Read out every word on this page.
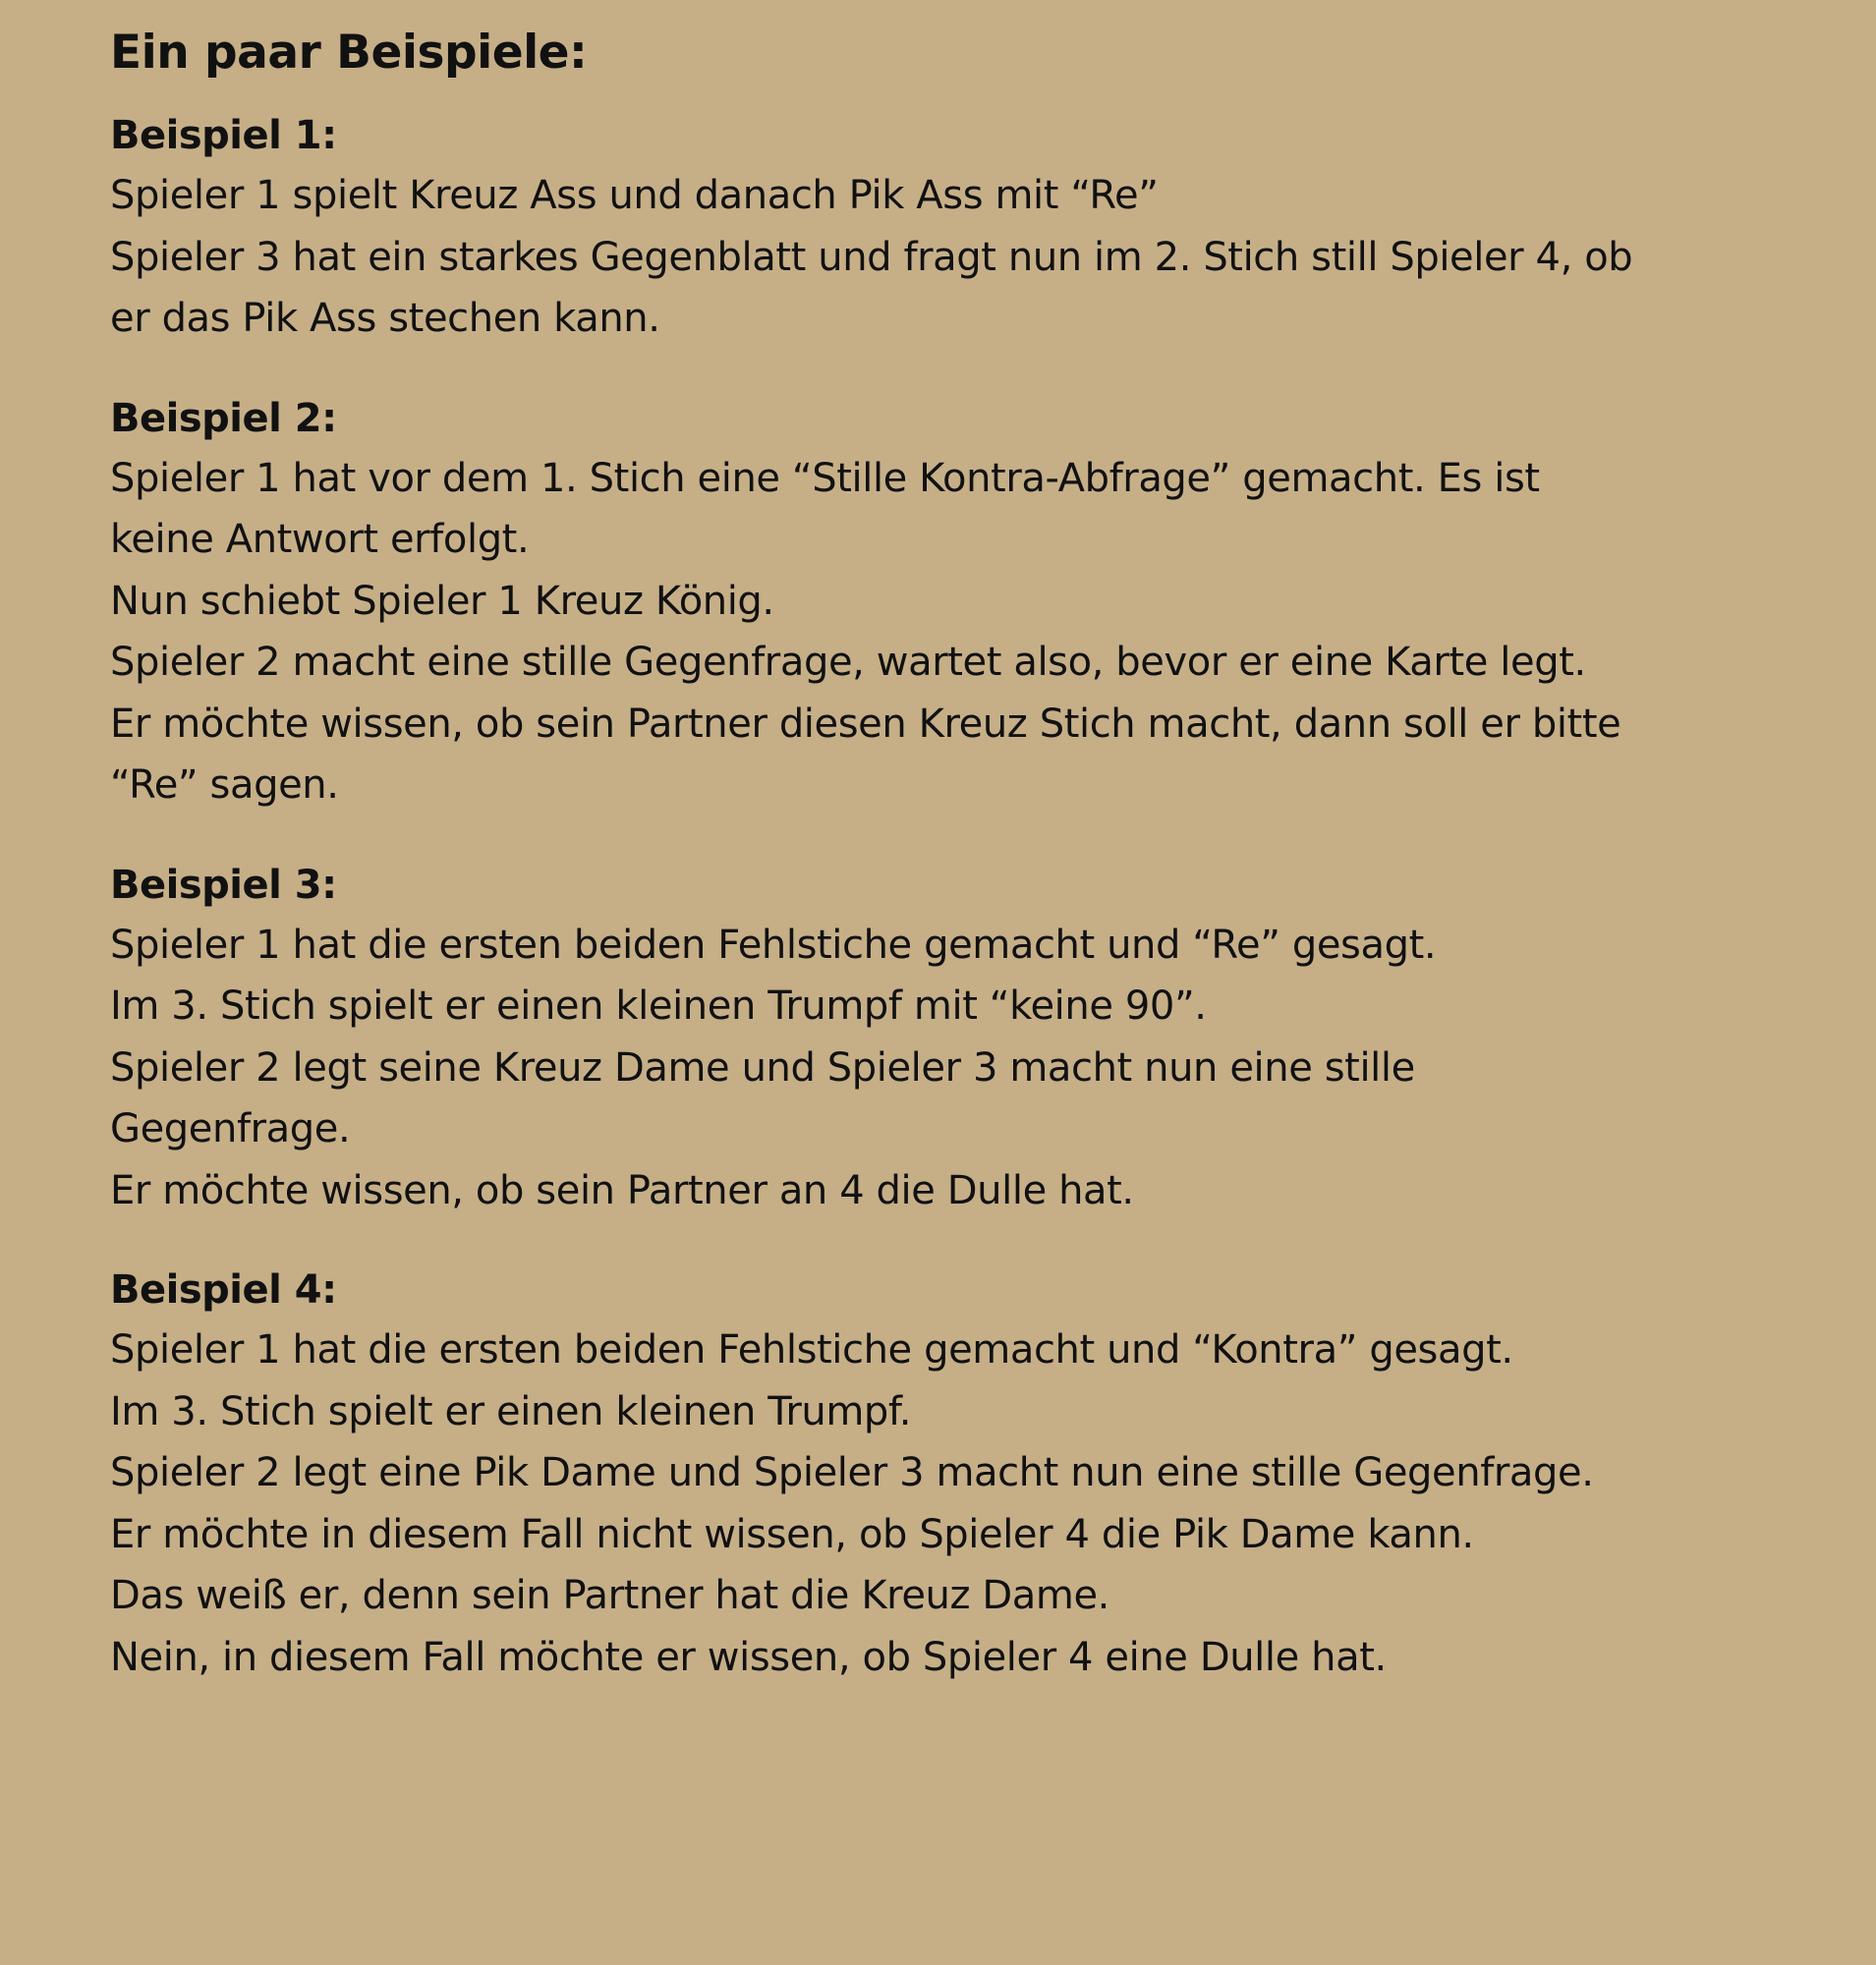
Ein paar Beispiele:
Beispiel 1:

Spieler 1 spielt Kreuz Ass und danach Pik Ass mit “Re”

Spieler 3 hat ein starkes Gegenblatt und fragt nun im 2. Stich still Spieler 4, ob er das Pik Ass stechen kann.

Beispiel 2:

Spieler 1 hat vor dem 1. Stich eine “Stille Kontra-Abfrage” gemacht. Es ist keine Antwort erfolgt.

Nun schiebt Spieler 1 Kreuz König.

Spieler 2 macht eine stille Gegenfrage, wartet also, bevor er eine Karte legt.

Er möchte wissen, ob sein Partner diesen Kreuz Stich macht, dann soll er bitte “Re” sagen.

Beispiel 3:

Spieler 1 hat die ersten beiden Fehlstiche gemacht und “Re” gesagt.

Im 3. Stich spielt er einen kleinen Trumpf mit “keine 90”.

Spieler 2 legt seine Kreuz Dame und Spieler 3 macht nun eine stille Gegenfrage.

Er möchte wissen, ob sein Partner an 4 die Dulle hat.

Beispiel 4:

Spieler 1 hat die ersten beiden Fehlstiche gemacht und “Kontra” gesagt.

Im 3. Stich spielt er einen kleinen Trumpf.

Spieler 2 legt eine Pik Dame und Spieler 3 macht nun eine stille Gegenfrage.

Er möchte in diesem Fall nicht wissen, ob Spieler 4 die Pik Dame kann.

Das weiß er, denn sein Partner hat die Kreuz Dame.

Nein, in diesem Fall möchte er wissen, ob Spieler 4 eine Dulle hat.
